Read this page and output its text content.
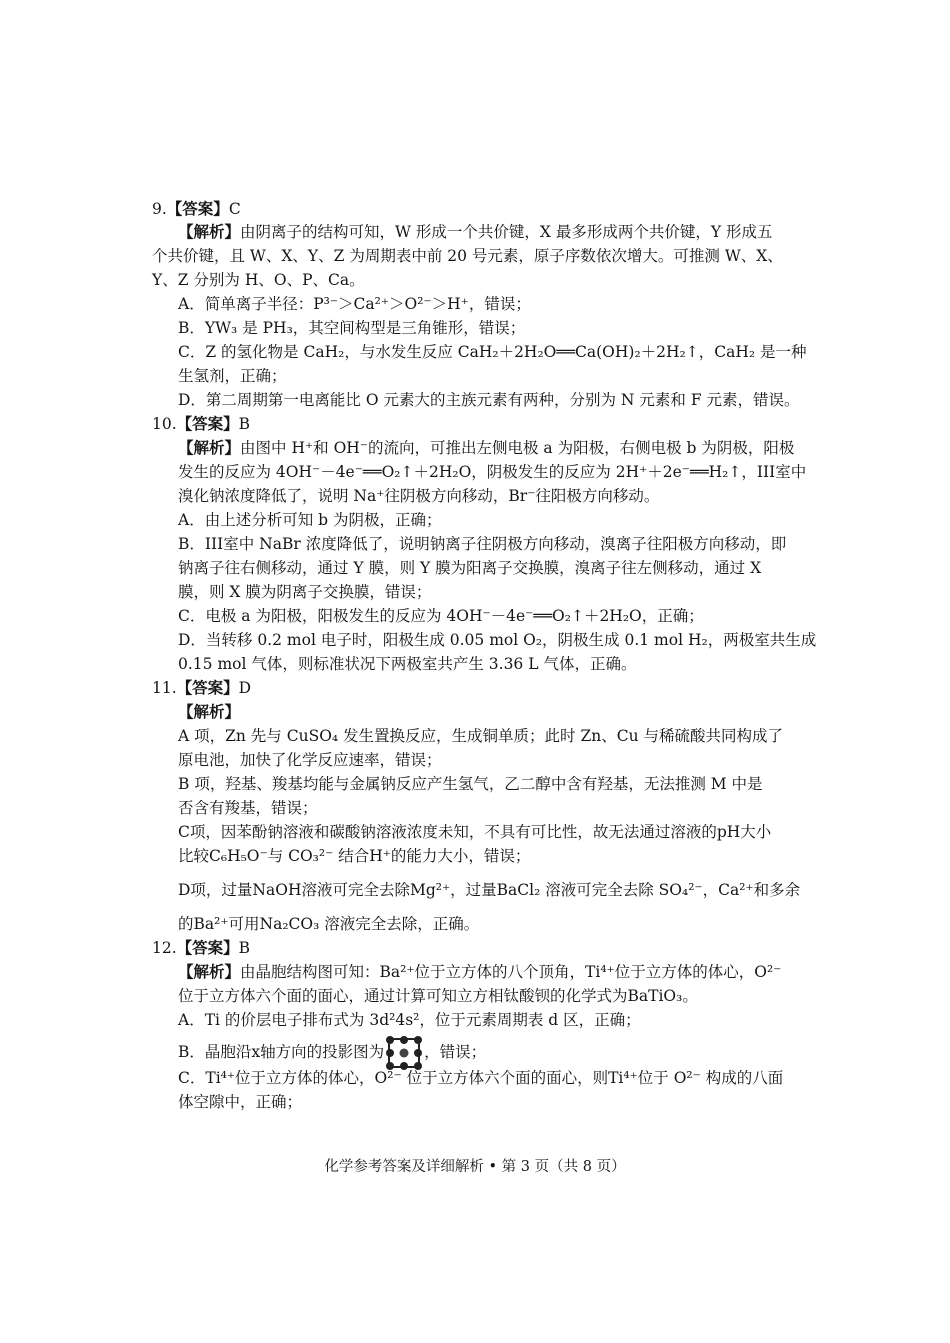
9.【答案】C
【解析】由阴离子的结构可知，W 形成一个共价键，X 最多形成两个共价键，Y 形成五
个共价键，且 W、X、Y、Z 为周期表中前 20 号元素，原子序数依次增大。可推测 W、X、
Y、Z 分别为 H、O、P、Ca。
A．简单离子半径：P³⁻＞Ca²⁺＞O²⁻＞H⁺，错误；
B．YW₃ 是 PH₃，其空间构型是三角锥形，错误；
C．Z 的氢化物是 CaH₂，与水发生反应 CaH₂＋2H₂O══Ca(OH)₂＋2H₂↑，CaH₂ 是一种
生氢剂，正确；
D．第二周期第一电离能比 O 元素大的主族元素有两种，分别为 N 元素和 F 元素，错误。
10.【答案】B
【解析】由图中 H⁺和 OH⁻的流向，可推出左侧电极 a 为阳极，右侧电极 b 为阴极，阳极
发生的反应为 4OH⁻－4e⁻══O₂↑＋2H₂O，阴极发生的反应为 2H⁺＋2e⁻══H₂↑，III室中
溴化钠浓度降低了，说明 Na⁺往阴极方向移动，Br⁻往阳极方向移动。
A．由上述分析可知 b 为阴极，正确；
B．III室中 NaBr 浓度降低了，说明钠离子往阴极方向移动，溴离子往阳极方向移动，即
钠离子往右侧移动，通过 Y 膜，则 Y 膜为阳离子交换膜，溴离子往左侧移动，通过 X
膜，则 X 膜为阴离子交换膜，错误；
C．电极 a 为阳极，阳极发生的反应为 4OH⁻－4e⁻══O₂↑＋2H₂O，正确；
D．当转移 0.2 mol 电子时，阳极生成 0.05 mol O₂，阴极生成 0.1 mol H₂，两极室共生成
0.15 mol 气体，则标准状况下两极室共产生 3.36 L 气体，正确。
11.【答案】D
【解析】
A 项，Zn 先与 CuSO₄ 发生置换反应，生成铜单质；此时 Zn、Cu 与稀硫酸共同构成了
原电池，加快了化学反应速率，错误；
B 项，羟基、羧基均能与金属钠反应产生氢气，乙二醇中含有羟基，无法推测 M 中是
否含有羧基，错误；
C项，因苯酚钠溶液和碳酸钠溶液浓度未知，不具有可比性，故无法通过溶液的pH大小
比较C₆H₅O⁻与 CO₃²⁻ 结合H⁺的能力大小，错误；
D项，过量NaOH溶液可完全去除Mg²⁺，过量BaCl₂ 溶液可完全去除 SO₄²⁻，Ca²⁺和多余
的Ba²⁺可用Na₂CO₃ 溶液完全去除，正确。
12.【答案】B
【解析】由晶胞结构图可知：Ba²⁺位于立方体的八个顶角，Ti⁴⁺位于立方体的体心，O²⁻
位于立方体六个面的面心，通过计算可知立方相钛酸钡的化学式为BaTiO₃。
A．Ti 的价层电子排布式为 3d²4s²，位于元素周期表 d 区，正确；
B．晶胞沿x轴方向的投影图为	，错误；
C．Ti⁴⁺位于立方体的体心，O²⁻ 位于立方体六个面的面心，则Ti⁴⁺位于 O²⁻ 构成的八面
体空隙中，正确；
化学参考答案及详细解析 • 第 3 页（共 8 页）
